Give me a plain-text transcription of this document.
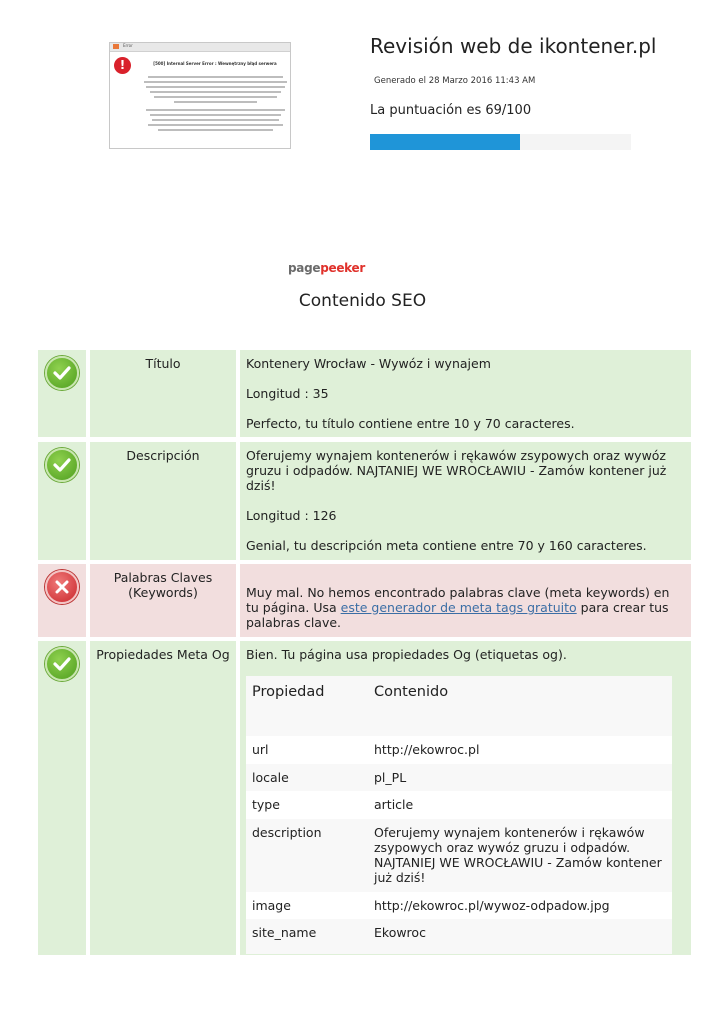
Error
!	[500] Internal Server Error : Wewnętrzny błąd serwera
Revisión web de ikontener.pl
Generado el 28 Marzo 2016 11:43 AM
La puntuación es 69/100
pagepeeker
Contenido SEO
Título	Kontenery Wrocław - Wywóz i wynajem

Longitud : 35

Perfecto, tu título contiene entre 10 y 70 caracteres.

Descripción	Oferujemy wynajem kontenerów i rękawów zsypowych oraz wywóz gruzu i odpadów. NAJTANIEJ WE WROCŁAWIU - Zamów kontener już dziś!

Longitud : 126

Genial, tu descripción meta contiene entre 70 y 160 caracteres.

Palabras Claves (Keywords)	Muy mal. No hemos encontrado palabras clave (meta keywords) en tu página. Usa este generador de meta tags gratuito para crear tus palabras clave.

Propiedades Meta Og	Bien. Tu página usa propiedades Og (etiquetas og).

Propiedad	Contenido
url	http://ekowroc.pl
locale	pl_PL
type	article
description	Oferujemy wynajem kontenerów i rękawów zsypowych oraz wywóz gruzu i odpadów. NAJTANIEJ WE WROCŁAWIU - Zamów kontener już dziś!
image	http://ekowroc.pl/wywoz-odpadow.jpg
site_name	Ekowroc
